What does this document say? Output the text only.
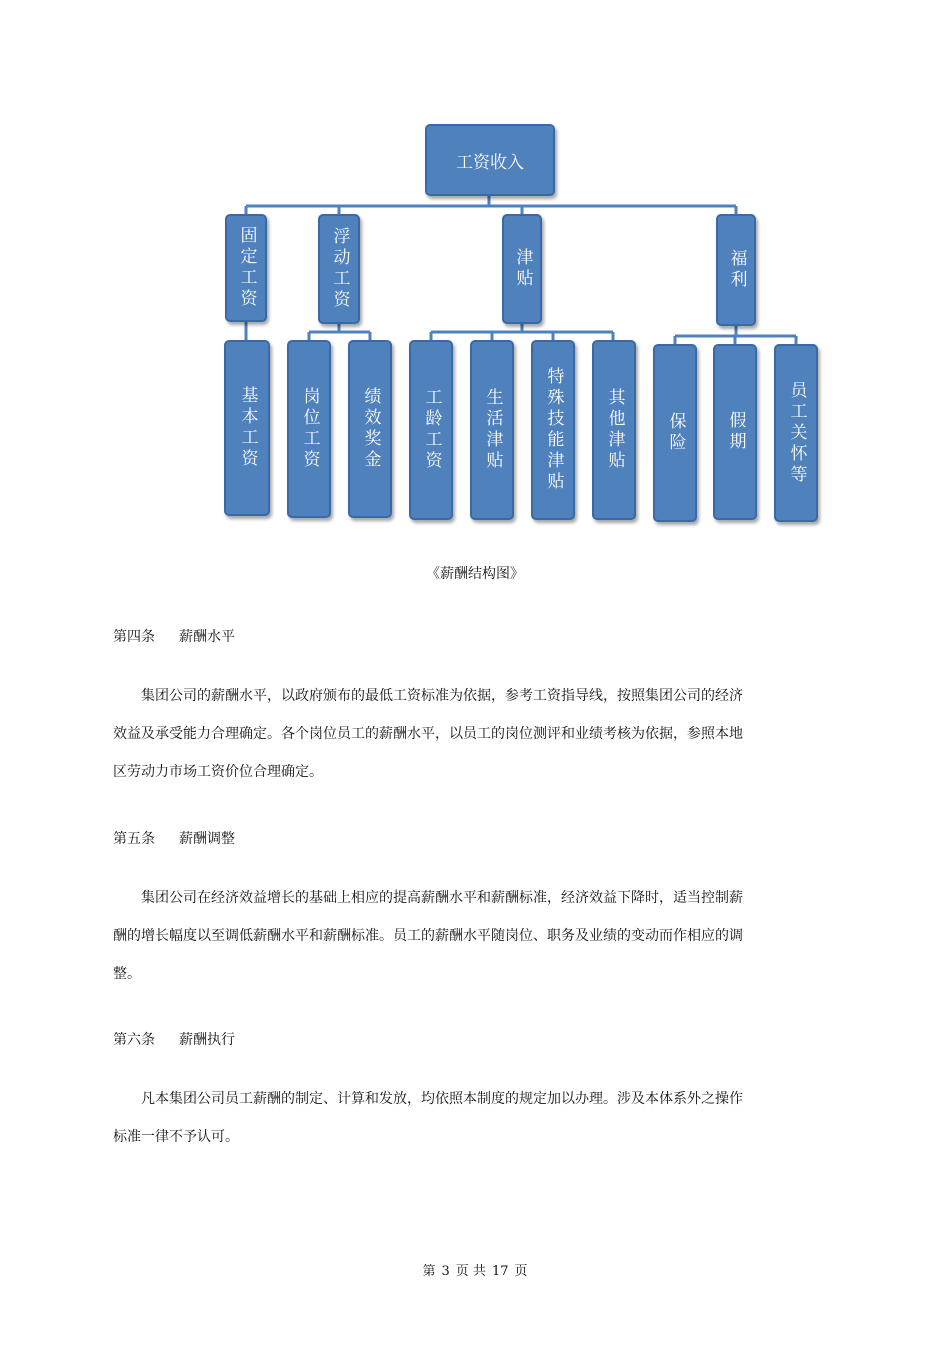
工资收入
固定工资	浮动工资	津贴	福利
基本工资 岗位工资 绩效奖金 工龄工资 生活津贴 特殊技能津贴 其他津贴 保险 假期 员工关怀等
《薪酬结构图》
第四条 薪酬水平

集团公司的薪酬水平，以政府颁布的最低工资标准为依据，参考工资指导线，按照集团公司的经济效益及承受能力合理确定。各个岗位员工的薪酬水平，以员工的岗位测评和业绩考核为依据，参照本地区劳动力市场工资价位合理确定。

第五条 薪酬调整

集团公司在经济效益增长的基础上相应的提高薪酬水平和薪酬标准，经济效益下降时，适当控制薪酬的增长幅度以至调低薪酬水平和薪酬标准。员工的薪酬水平随岗位、职务及业绩的变动而作相应的调整。

第六条 薪酬执行

凡本集团公司员工薪酬的制定、计算和发放，均依照本制度的规定加以办理。涉及本体系外之操作标准一律不予认可。

第 3 页 共 17 页
